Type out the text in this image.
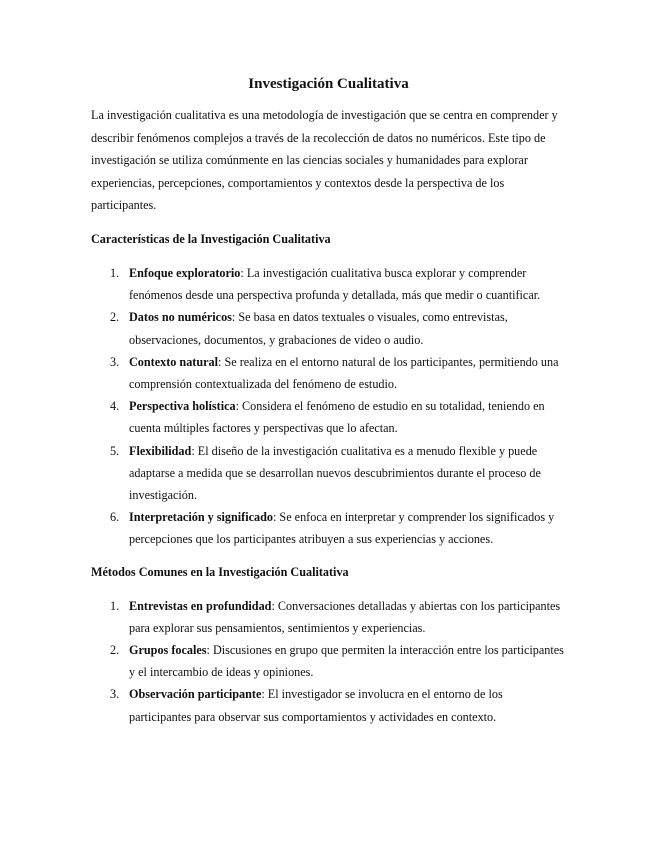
Investigación Cualitativa

La investigación cualitativa es una metodología de investigación que se centra en comprender y describir fenómenos complejos a través de la recolección de datos no numéricos. Este tipo de investigación se utiliza comúnmente en las ciencias sociales y humanidades para explorar experiencias, percepciones, comportamientos y contextos desde la perspectiva de los participantes.

Características de la Investigación Cualitativa
1. Enfoque exploratorio: La investigación cualitativa busca explorar y comprender fenómenos desde una perspectiva profunda y detallada, más que medir o cuantificar.
2. Datos no numéricos: Se basa en datos textuales o visuales, como entrevistas, observaciones, documentos, y grabaciones de video o audio.
3. Contexto natural: Se realiza en el entorno natural de los participantes, permitiendo una comprensión contextualizada del fenómeno de estudio.
4. Perspectiva holística: Considera el fenómeno de estudio en su totalidad, teniendo en cuenta múltiples factores y perspectivas que lo afectan.
5. Flexibilidad: El diseño de la investigación cualitativa es a menudo flexible y puede adaptarse a medida que se desarrollan nuevos descubrimientos durante el proceso de investigación.
6. Interpretación y significado: Se enfoca en interpretar y comprender los significados y percepciones que los participantes atribuyen a sus experiencias y acciones.
Métodos Comunes en la Investigación Cualitativa
1. Entrevistas en profundidad: Conversaciones detalladas y abiertas con los participantes para explorar sus pensamientos, sentimientos y experiencias.
2. Grupos focales: Discusiones en grupo que permiten la interacción entre los participantes y el intercambio de ideas y opiniones.
3. Observación participante: El investigador se involucra en el entorno de los participantes para observar sus comportamientos y actividades en contexto.
